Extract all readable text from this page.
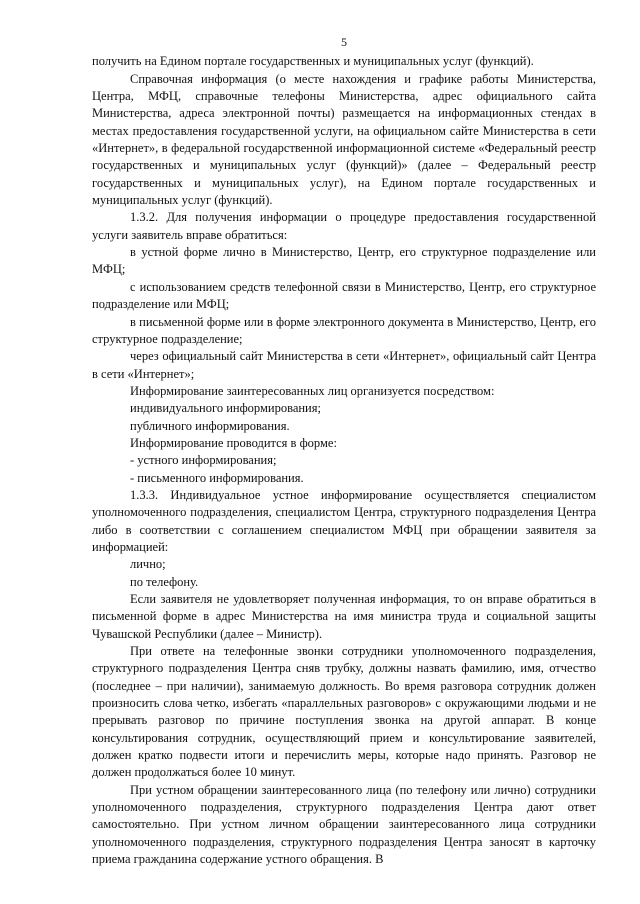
5

получить на Едином портале государственных и муниципальных услуг (функций).

Справочная информация (о месте нахождения и графике работы Министерства, Центра, МФЦ, справочные телефоны Министерства, адрес официального сайта Министерства, адреса электронной почты) размещается на информационных стендах в местах предоставления государственной услуги, на официальном сайте Министерства в сети «Интернет», в федеральной государственной информационной системе «Федеральный реестр государственных и муниципальных услуг (функций)» (далее – Федеральный реестр государственных и муниципальных услуг), на Едином портале государственных и муниципальных услуг (функций).

1.3.2. Для получения информации о процедуре предоставления государственной услуги заявитель вправе обратиться:

в устной форме лично в Министерство, Центр, его структурное подразделение или МФЦ;

с использованием средств телефонной связи в Министерство, Центр, его структурное подразделение или МФЦ;

в письменной форме или в форме электронного документа в Министерство, Центр, его структурное подразделение;

через официальный сайт Министерства в сети «Интернет», официальный сайт Центра в сети «Интернет»;

Информирование заинтересованных лиц организуется посредством:

индивидуального информирования;

публичного информирования.

Информирование проводится в форме:

- устного информирования;

- письменного информирования.

1.3.3. Индивидуальное устное информирование осуществляется специалистом уполномоченного подразделения, специалистом Центра, структурного подразделения Центра либо в соответствии с соглашением специалистом МФЦ при обращении заявителя за информацией:

лично;

по телефону.

Если заявителя не удовлетворяет полученная информация, то он вправе обратиться в письменной форме в адрес Министерства на имя министра труда и социальной защиты Чувашской Республики (далее – Министр).

При ответе на телефонные звонки сотрудники уполномоченного подразделения, структурного подразделения Центра сняв трубку, должны назвать фамилию, имя, отчество (последнее – при наличии), занимаемую должность. Во время разговора сотрудник должен произносить слова четко, избегать «параллельных разговоров» с окружающими людьми и не прерывать разговор по причине поступления звонка на другой аппарат. В конце консультирования сотрудник, осуществляющий прием и консультирование заявителей, должен кратко подвести итоги и перечислить меры, которые надо принять. Разговор не должен продолжаться более 10 минут.

При устном обращении заинтересованного лица (по телефону или лично) сотрудники уполномоченного подразделения, структурного подразделения Центра дают ответ самостоятельно. При устном личном обращении заинтересованного лица сотрудники уполномоченного подразделения, структурного подразделения Центра заносят в карточку приема гражданина содержание устного обращения. В
